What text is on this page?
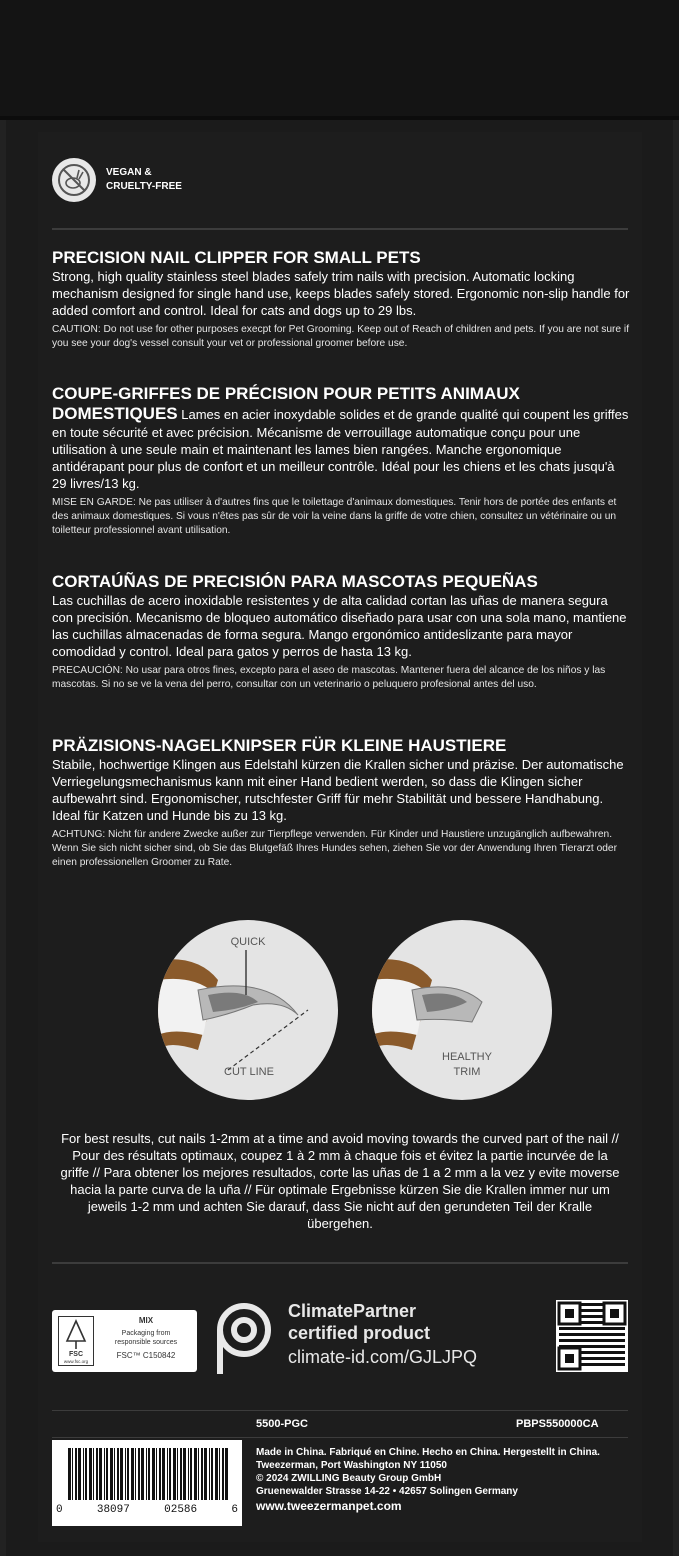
VEGAN &
CRUELTY-FREE

PRECISION NAIL CLIPPER FOR SMALL PETS

Strong, high quality stainless steel blades safely trim nails with precision. Automatic locking mechanism designed for single hand use, keeps blades safely stored. Ergonomic non-slip handle for added comfort and control. Ideal for cats and dogs up to 29 lbs.

CAUTION: Do not use for other purposes execpt for Pet Grooming. Keep out of Reach of children and pets. If you are not sure if you see your dog's vessel consult your vet or professional groomer before use.

COUPE-GRIFFES DE PRÉCISION POUR PETITS ANIMAUX DOMESTIQUES Lames en acier inoxydable solides et de grande qualité qui coupent les griffes en toute sécurité et avec précision. Mécanisme de verrouillage automatique conçu pour une utilisation à une seule main et maintenant les lames bien rangées. Manche ergonomique antidérapant pour plus de confort et un meilleur contrôle. Idéal pour les chiens et les chats jusqu'à 29 livres/13 kg.

MISE EN GARDE: Ne pas utiliser à d'autres fins que le toilettage d'animaux domestiques. Tenir hors de portée des enfants et des animaux domestiques. Si vous n'êtes pas sûr de voir la veine dans la griffe de votre chien, consultez un vétérinaire ou un toiletteur professionnel avant utilisation.

CORTAÚÑAS DE PRECISIÓN PARA MASCOTAS PEQUEÑAS

Las cuchillas de acero inoxidable resistentes y de alta calidad cortan las uñas de manera segura con precisión. Mecanismo de bloqueo automático diseñado para usar con una sola mano, mantiene las cuchillas almacenadas de forma segura. Mango ergonómico antideslizante para mayor comodidad y control. Ideal para gatos y perros de hasta 13 kg.

PRECAUCIÓN: No usar para otros fines, excepto para el aseo de mascotas. Mantener fuera del alcance de los niños y las mascotas. Si no se ve la vena del perro, consultar con un veterinario o peluquero profesional antes del uso.

PRÄZISIONS-NAGELKNIPSER FÜR KLEINE HAUSTIERE

Stabile, hochwertige Klingen aus Edelstahl kürzen die Krallen sicher und präzise. Der automatische Verriegelungsmechanismus kann mit einer Hand bedient werden, so dass die Klingen sicher aufbewahrt sind. Ergonomischer, rutschfester Griff für mehr Stabilität und bessere Handhabung. Ideal für Katzen und Hunde bis zu 13 kg.

ACHTUNG: Nicht für andere Zwecke außer zur Tierpflege verwenden. Für Kinder und Haustiere unzugänglich aufbewahren. Wenn Sie sich nicht sicher sind, ob Sie das Blutgefäß Ihres Hundes sehen, ziehen Sie vor der Anwendung Ihren Tierarzt oder einen professionellen Groomer zu Rate.

QUICK
CUT LINE
HEALTHY
TRIM
For best results, cut nails 1-2mm at a time and avoid moving towards the curved part of the nail // Pour des résultats optimaux, coupez 1 à 2 mm à chaque fois et évitez la partie incurvée de la griffe // Para obtener los mejores resultados, corte las uñas de 1 a 2 mm a la vez y evite moverse hacia la parte curva de la uña // Für optimale Ergebnisse kürzen Sie die Krallen immer nur um jeweils 1-2 mm und achten Sie darauf, dass Sie nicht auf den gerundeten Teil der Kralle übergehen.
FSC
www.fsc.org
MIX
Packaging from
responsible sources
FSC™ C150842
ClimatePartner
certified product
climate-id.com/GJLJPQ
5500-PGC	PBPS550000CA
0	38097	02586	6
Made in China. Fabriqué en Chine. Hecho en China. Hergestellt in China.
Tweezerman, Port Washington NY 11050
© 2024 ZWILLING Beauty Group GmbH
Gruenewalder Strasse 14-22 • 42657 Solingen Germany
www.tweezermanpet.com
